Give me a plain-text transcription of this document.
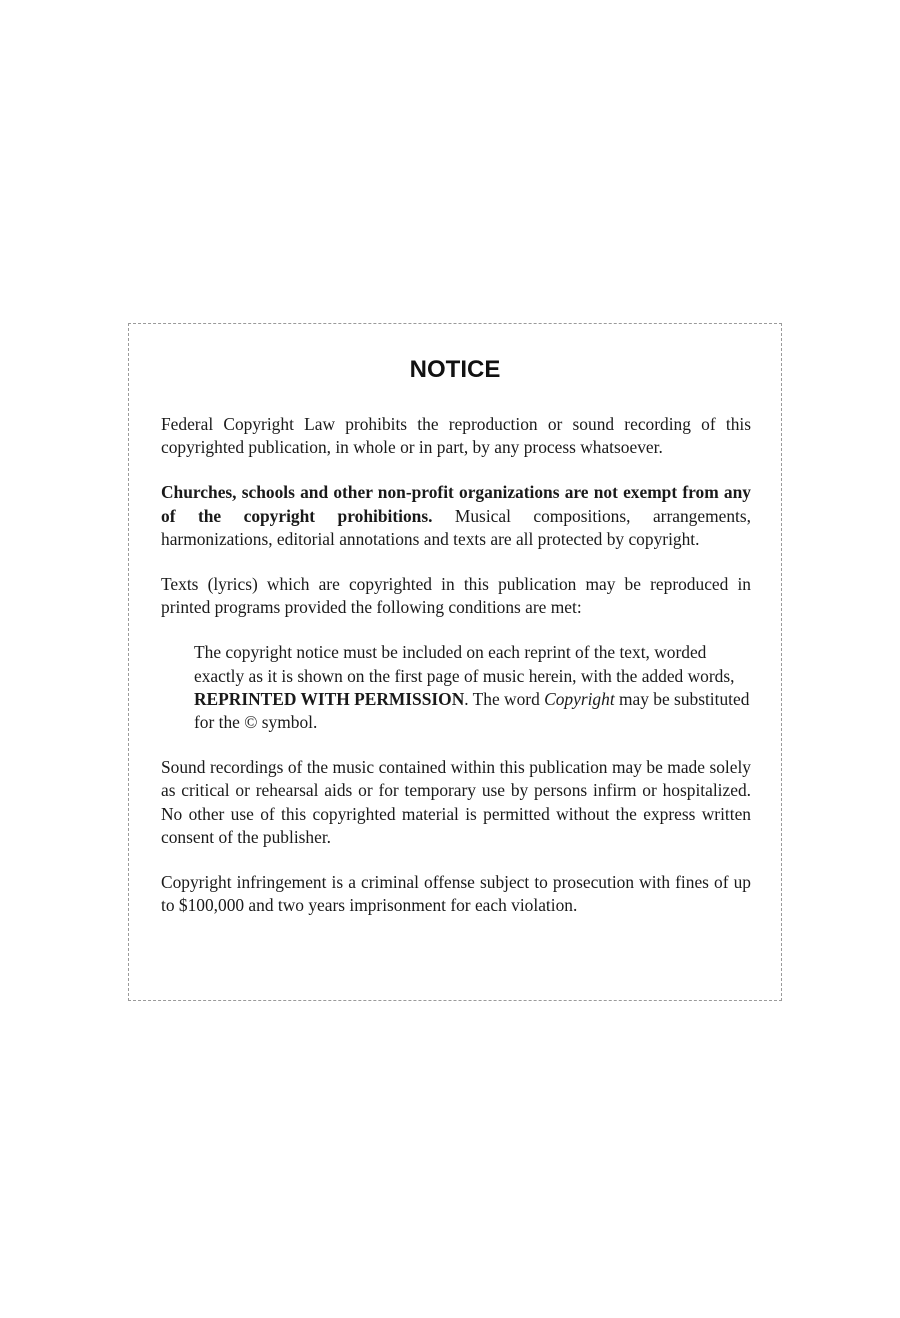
NOTICE

Federal Copyright Law prohibits the reproduction or sound recording of this copyrighted publication, in whole or in part, by any process whatsoever.

Churches, schools and other non-profit organizations are not exempt from any of the copyright prohibitions. Musical compositions, arrangements, harmonizations, editorial annotations and texts are all protected by copyright.

Texts (lyrics) which are copyrighted in this publication may be reproduced in printed programs provided the following conditions are met:

The copyright notice must be included on each reprint of the text, worded exactly as it is shown on the first page of music herein, with the added words, REPRINTED WITH PERMISSION. The word Copyright may be substituted for the © symbol.

Sound recordings of the music contained within this publication may be made solely as critical or rehearsal aids or for temporary use by persons infirm or hospitalized. No other use of this copyrighted material is permitted without the express written consent of the publisher.

Copyright infringement is a criminal offense subject to prosecution with fines of up to $100,000 and two years imprisonment for each violation.
